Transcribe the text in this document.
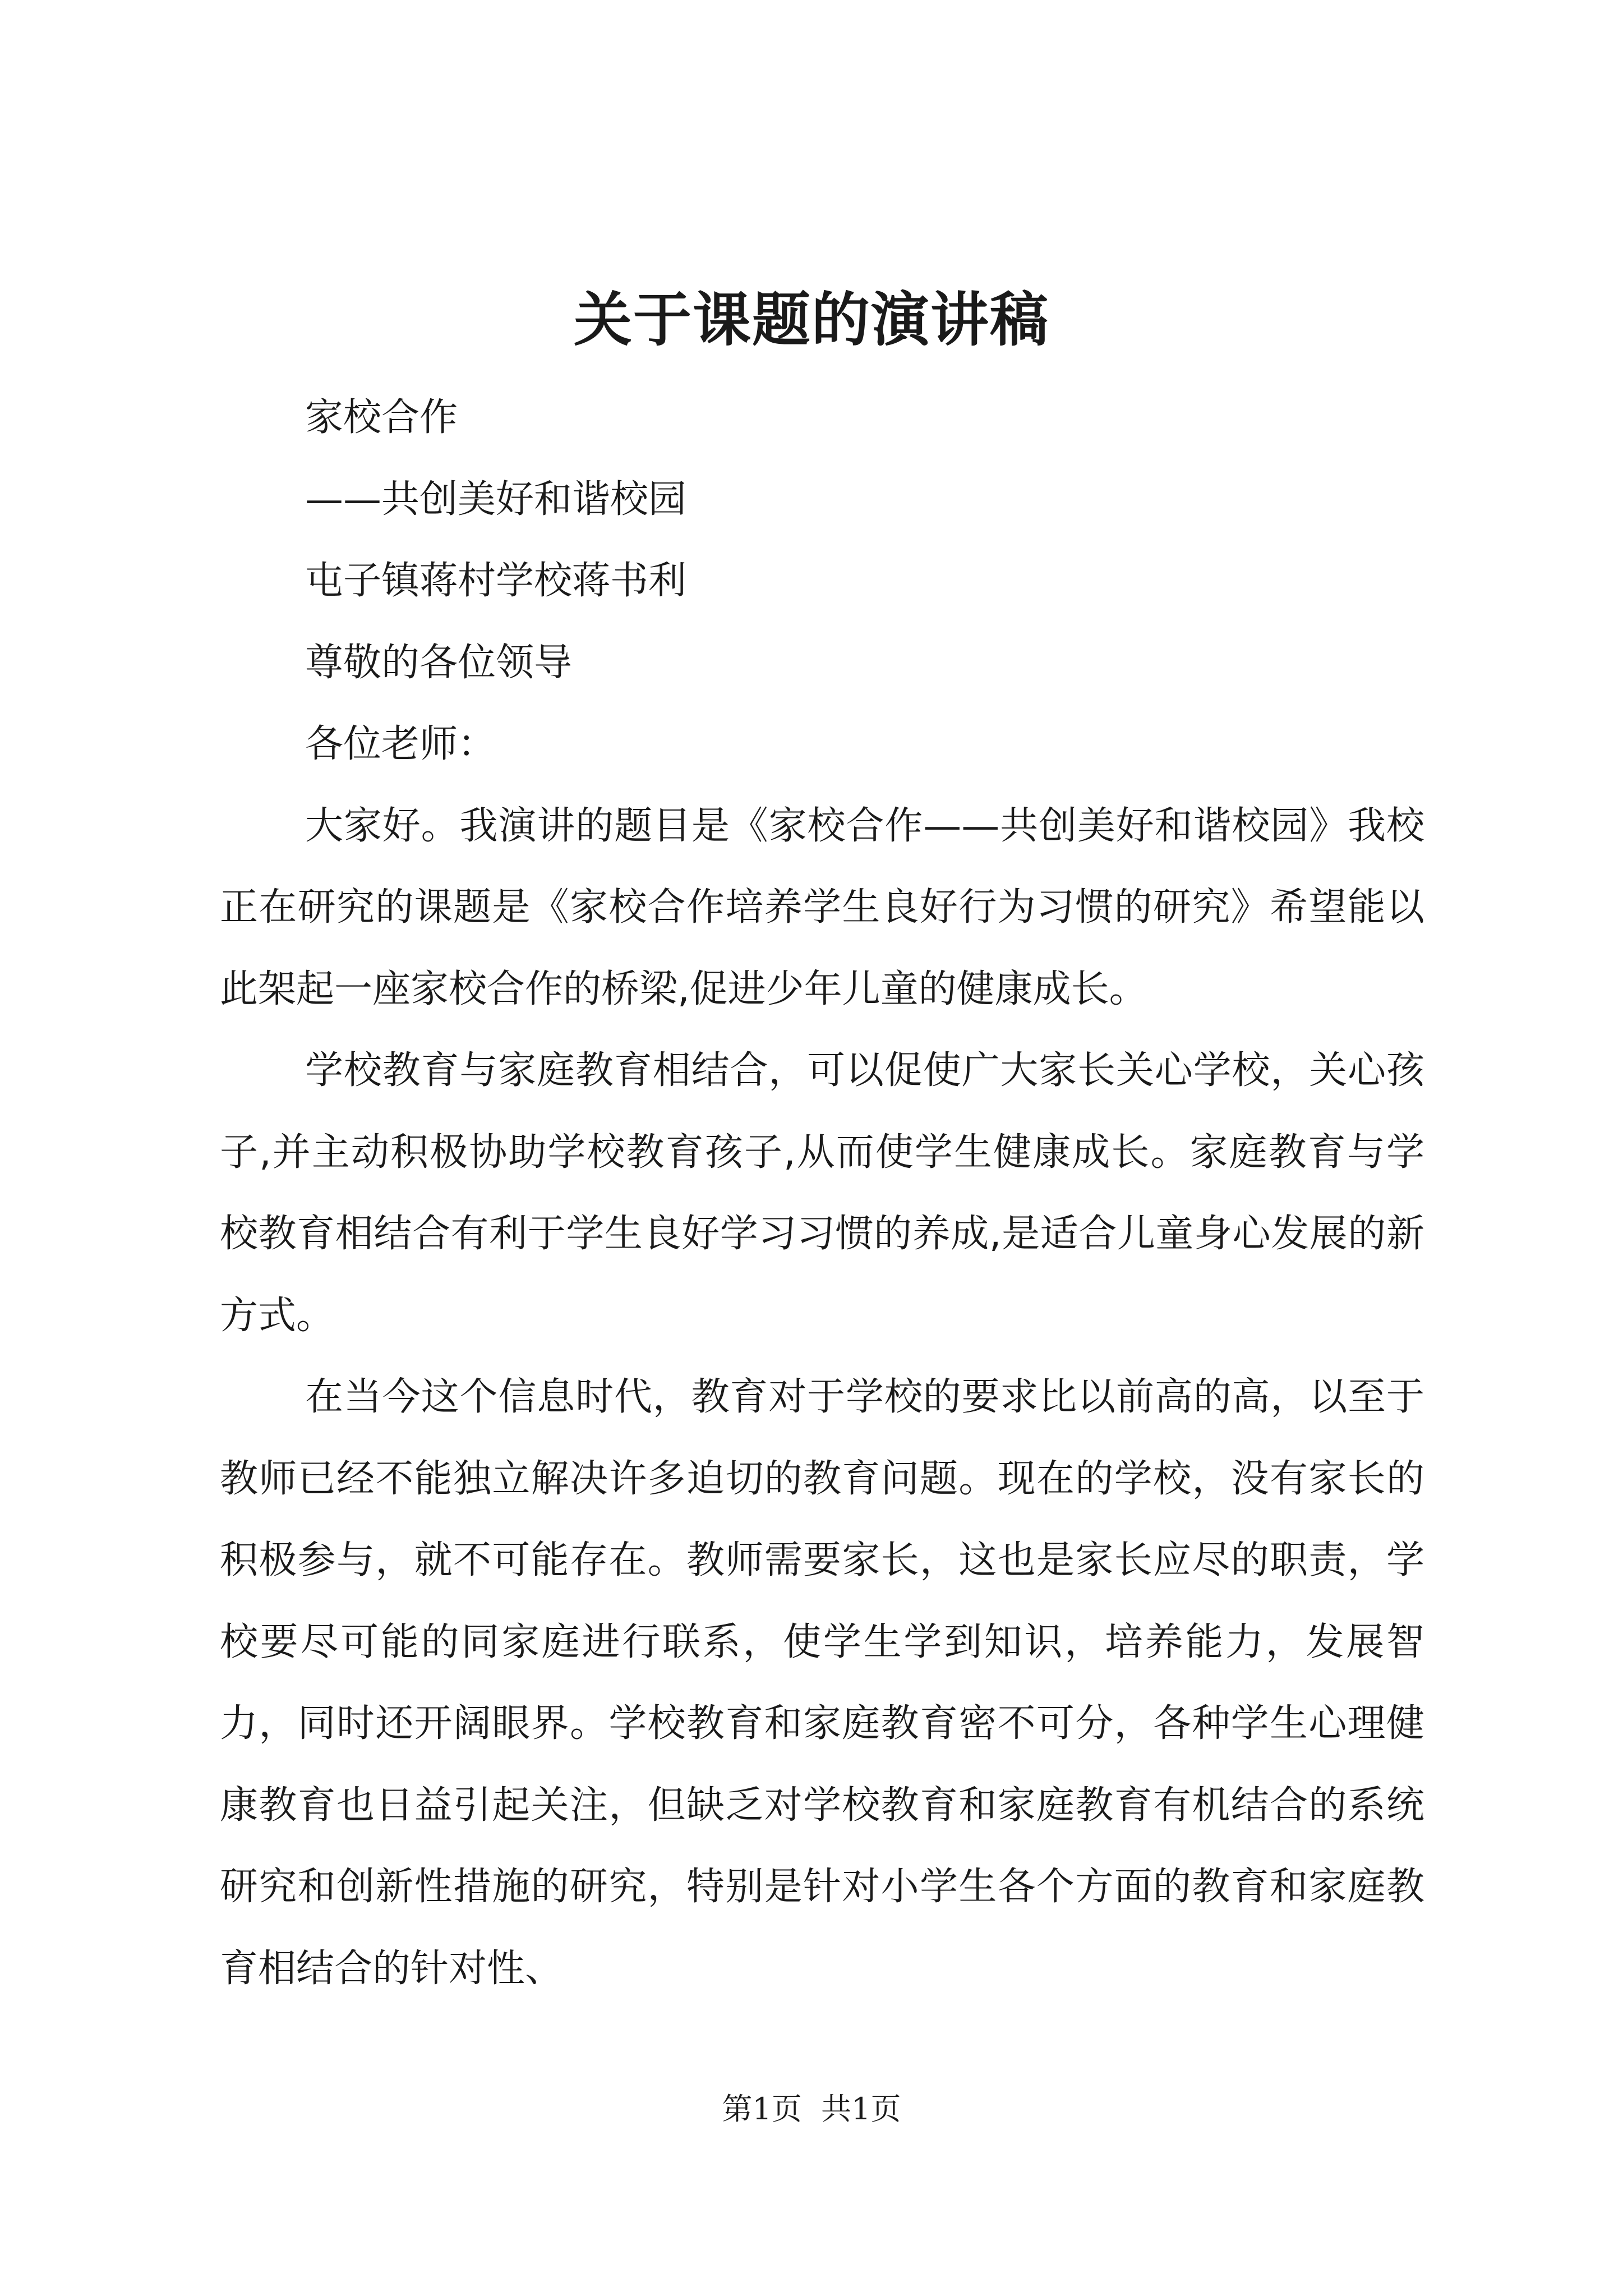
关于课题的演讲稿

家校合作

——共创美好和谐校园

屯子镇蒋村学校蒋书利

尊敬的各位领导

各位老师：

大家好。我演讲的题目是《家校合作——共创美好和谐校园》我校正在研究的课题是《家校合作培养学生良好行为习惯的研究》希望能以此架起一座家校合作的桥梁,促进少年儿童的健康成长。

学校教育与家庭教育相结合，可以促使广大家长关心学校，关心孩子,并主动积极协助学校教育孩子,从而使学生健康成长。家庭教育与学校教育相结合有利于学生良好学习习惯的养成,是适合儿童身心发展的新方式。

在当今这个信息时代，教育对于学校的要求比以前高的高，以至于教师已经不能独立解决许多迫切的教育问题。现在的学校，没有家长的积极参与，就不可能存在。教师需要家长，这也是家长应尽的职责，学校要尽可能的同家庭进行联系，使学生学到知识，培养能力，发展智力，同时还开阔眼界。学校教育和家庭教育密不可分，各种学生心理健康教育也日益引起关注，但缺乏对学校教育和家庭教育有机结合的系统研究和创新性措施的研究，特别是针对小学生各个方面的教育和家庭教育相结合的针对性、

第1页 共1页
